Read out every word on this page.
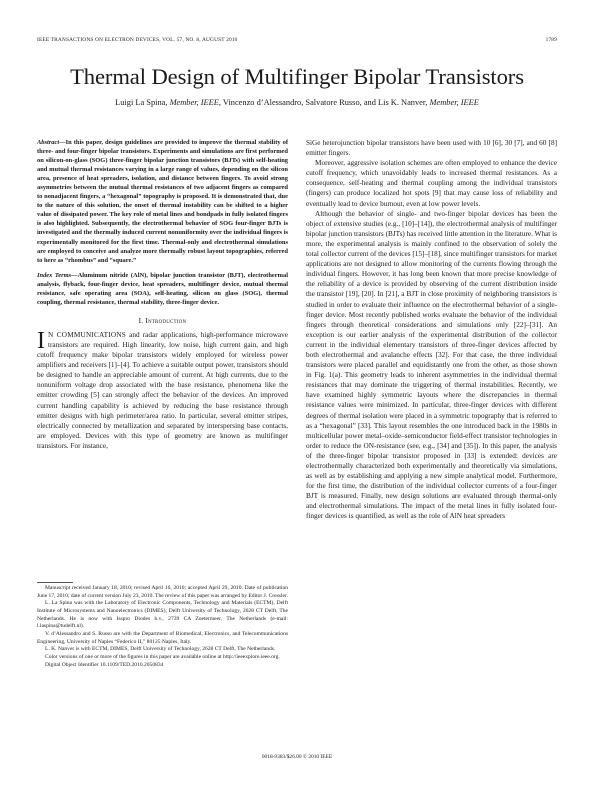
IEEE TRANSACTIONS ON ELECTRON DEVICES, VOL. 57, NO. 8, AUGUST 2010	1789
Thermal Design of Multifinger Bipolar Transistors
Luigi La Spina, Member, IEEE, Vincenzo d’Alessandro, Salvatore Russo, and Lis K. Nanver, Member, IEEE

Abstract—In this paper, design guidelines are provided to improve the thermal stability of three- and four-finger bipolar transistors. Experiments and simulations are first performed on silicon-on-glass (SOG) three-finger bipolar junction transistors (BJTs) with self-heating and mutual thermal resistances varying in a large range of values, depending on the silicon area, presence of heat spreaders, isolation, and distance between fingers. To avoid strong asymmetries between the mutual thermal resistances of two adjacent fingers as compared to nonadjacent fingers, a “hexagonal” topography is proposed. It is demonstrated that, due to the nature of this solution, the onset of thermal instability can be shifted to a higher value of dissipated power. The key role of metal lines and bondpads in fully isolated fingers is also highlighted. Subsequently, the electrothermal behavior of SOG four-finger BJTs is investigated and the thermally induced current nonuniformity over the individual fingers is experimentally monitored for the first time. Thermal-only and electrothermal simulations are employed to conceive and analyze more thermally robust layout topographies, referred to here as “rhombus” and “square.”

Index Terms—Aluminum nitride (AlN), bipolar junction transistor (BJT), electrothermal analysis, flyback, four-finger device, heat spreaders, multifinger device, mutual thermal resistance, safe operating area (SOA), self-heating, silicon on glass (SOG), thermal coupling, thermal resistance, thermal stability, three-finger device.

I. Introduction

I N COMMUNICATIONS and radar applications, high-performance microwave transistors are required. High linearity, low noise, high current gain, and high cutoff frequency make bipolar transistors widely employed for wireless power amplifiers and receivers [1]–[4]. To achieve a suitable output power, transistors should be designed to handle an appreciable amount of current. At high currents, due to the nonuniform voltage drop associated with the base resistance, phenomena like the emitter crowding [5] can strongly affect the behavior of the devices. An improved current handling capability is achieved by reducing the base resistance through emitter designs with high perimeter/area ratio. In particular, several emitter stripes, electrically connected by metallization and separated by interspersing base contacts, are employed. Devices with this type of geometry are known as multifinger transistors. For instance,

Manuscript received January 18, 2010; revised April 16, 2010; accepted April 29, 2010. Date of publication June 17, 2010; date of current version July 23, 2010. The review of this paper was arranged by Editor J. Cressler.

L. La Spina was with the Laboratory of Electronic Components, Technology and Materials (ECTM), Delft Institute of Microsystems and Nanoelectronics (DIMES), Delft University of Technology, 2628 CT Delft, The Netherlands. He is now with Isspro Diodes b.v., 2739 CA Zoetermeer, The Netherlands (e-mail: l.laspina@tudelft.nl).

V. d’Alessandro and S. Russo are with the Department of Biomedical, Electronics, and Telecommunications Engineering, University of Naples “Federico II,” 80125 Naples, Italy.

L. K. Nanver is with ECTM, DIMES, Delft University of Technology, 2628 CT Delft, The Netherlands.

Color versions of one or more of the figures in this paper are available online at http://ieeexplore.ieee.org.

Digital Object Identifier 10.1109/TED.2010.2050834

SiGe heterojunction bipolar transistors have been used with 10 [6], 30 [7], and 60 [8] emitter fingers.

Moreover, aggressive isolation schemes are often employed to enhance the device cutoff frequency, which unavoidably leads to increased thermal resistances. As a consequence, self-heating and thermal coupling among the individual transistors (fingers) can produce localized hot spots [9] that may cause loss of reliability and eventually lead to device burnout, even at low power levels.

Although the behavior of single- and two-finger bipolar devices has been the object of extensive studies (e.g., [10]–[14]), the electrothermal analysis of multifinger bipolar junction transistors (BJTs) has received little attention in the literature. What is more, the experimental analysis is mainly confined to the observation of solely the total collector current of the devices [15]–[18], since multifinger transistors for market applications are not designed to allow monitoring of the currents flowing through the individual fingers. However, it has long been known that more precise knowledge of the reliability of a device is provided by observing of the current distribution inside the transistor [19], [20]. In [21], a BJT in close proximity of neighboring transistors is studied in order to evaluate their influence on the electrothermal behavior of a single-finger device. Most recently published works evaluate the behavior of the individual fingers through theoretical considerations and simulations only [22]–[31]. An exception is our earlier analysis of the experimental distribution of the collector current in the individual elementary transistors of three-finger devices affected by both electrothermal and avalanche effects [32]. For that case, the three individual transistors were placed parallel and equidistantly one from the other, as those shown in Fig. 1(a). This geometry leads to inherent asymmetries in the individual thermal resistances that may dominate the triggering of thermal instabilities. Recently, we have examined highly symmetric layouts where the discrepancies in thermal resistance values were minimized. In particular, three-finger devices with different degrees of thermal isolation were placed in a symmetric topography that is referred to as a “hexagonal” [33]. This layout resembles the one introduced back in the 1980s in multicellular power metal–oxide–semiconductor field-effect transistor technologies in order to reduce the ON-resistance (see, e.g., [34] and [35]). In this paper, the analysis of the three-finger bipolar transistor proposed in [33] is extended: devices are electrothermally characterized both experimentally and theoretically via simulations, as well as by establishing and applying a new simple analytical model. Furthermore, for the first time, the distribution of the individual collector currents of a four-finger BJT is measured. Finally, new design solutions are evaluated through thermal-only and electrothermal simulations. The impact of the metal lines in fully isolated four-finger devices is quantified, as well as the role of AlN heat spreaders

0018-9383/$26.00 © 2010 IEEE
